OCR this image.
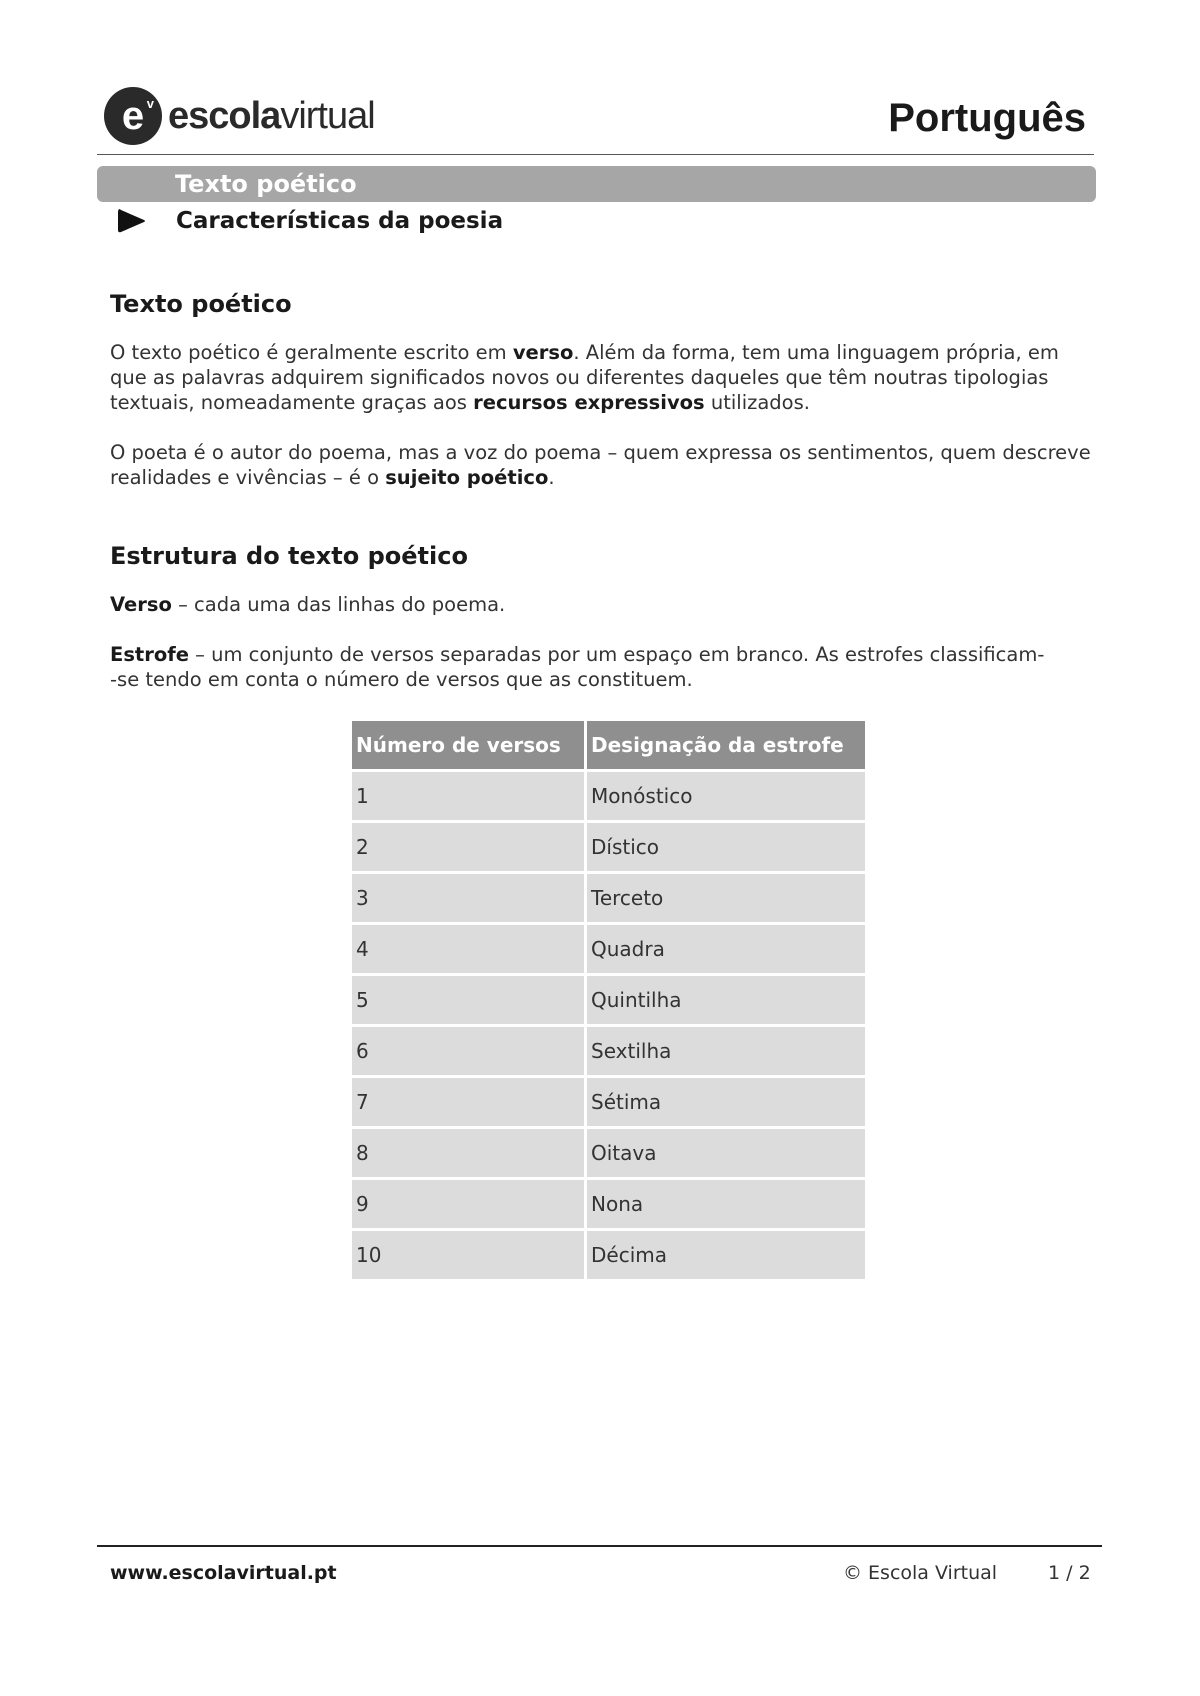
e v escolavirtual	Português
Texto poético
Características da poesia
Texto poético
O texto poético é geralmente escrito em verso. Além da forma, tem uma linguagem própria, em que as palavras adquirem significados novos ou diferentes daqueles que têm noutras tipologias textuais, nomeadamente graças aos recursos expressivos utilizados.
O poeta é o autor do poema, mas a voz do poema – quem expressa os sentimentos, quem descreve realidades e vivências – é o sujeito poético.
Estrutura do texto poético
Verso – cada uma das linhas do poema.
Estrofe – um conjunto de versos separadas por um espaço em branco. As estrofes classificam-
-se tendo em conta o número de versos que as constituem.
Número de versos	Designação da estrofe
1	Monóstico
2	Dístico
3	Terceto
4	Quadra
5	Quintilha
6	Sextilha
7	Sétima
8	Oitava
9	Nona
10	Décima
www.escolavirtual.pt	© Escola Virtual	1 / 2
